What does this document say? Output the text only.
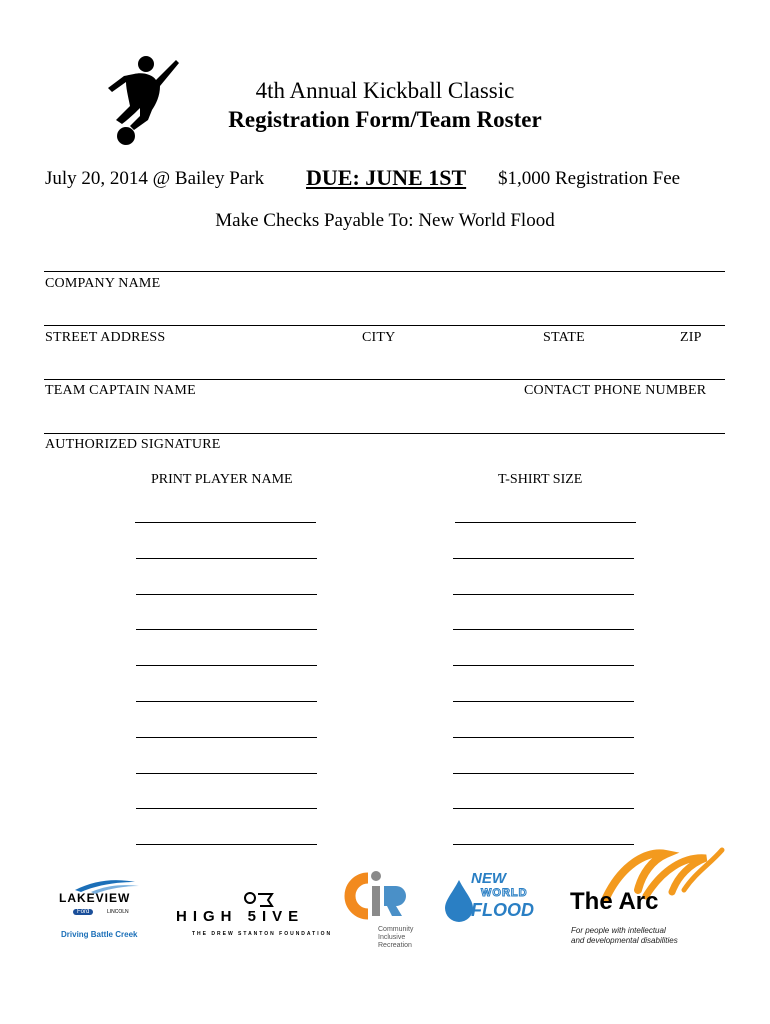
4th Annual Kickball Classic
Registration Form/Team Roster
July 20, 2014 @ Bailey Park DUE: JUNE 1ST $1,000 Registration Fee
Make Checks Payable To: New World Flood
COMPANY NAME
STREET ADDRESS	CITY	STATE	ZIP
TEAM CAPTAIN NAME	CONTACT PHONE NUMBER
AUTHORIZED SIGNATURE
PRINT PLAYER NAME	T-SHIRT SIZE
LAKEVIEW
Ford	LINCOLN
Driving Battle Creek
HIGH 5IVE
THE DREW STANTON FOUNDATION
Community
Inclusive
Recreation
NEW
WORLD
FLOOD The Arc
For people with intellectual
and developmental disabilities
